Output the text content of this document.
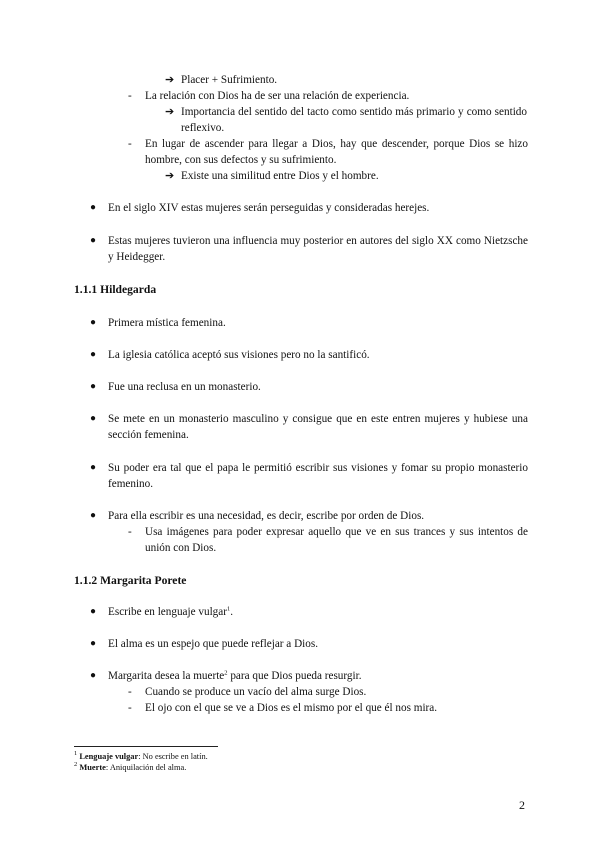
➔ Placer + Sufrimiento.
- La relación con Dios ha de ser una relación de experiencia.
➔ Importancia del sentido del tacto como sentido más primario y como sentido reflexivo.
- En lugar de ascender para llegar a Dios, hay que descender, porque Dios se hizo hombre, con sus defectos y su sufrimiento.
➔ Existe una similitud entre Dios y el hombre.
● En el siglo XIV estas mujeres serán perseguidas y consideradas herejes.
● Estas mujeres tuvieron una influencia muy posterior en autores del siglo XX como Nietzsche y Heidegger.
1.1.1 Hildegarda
● Primera mística femenina.
● La iglesia católica aceptó sus visiones pero no la santificó.
● Fue una reclusa en un monasterio.
● Se mete en un monasterio masculino y consigue que en este entren mujeres y hubiese una sección femenina.
● Su poder era tal que el papa le permitió escribir sus visiones y fomar su propio monasterio femenino.
● Para ella escribir es una necesidad, es decir, escribe por orden de Dios.
- Usa imágenes para poder expresar aquello que ve en sus trances y sus intentos de unión con Dios.
1.1.2 Margarita Porete
● Escribe en lenguaje vulgar$^1$.
● El alma es un espejo que puede reflejar a Dios.
● Margarita desea la muerte$^2$ para que Dios pueda resurgir.
- Cuando se produce un vacío del alma surge Dios.
- El ojo con el que se ve a Dios es el mismo por el que él nos mira.
$^1$ Lenguaje vulgar: No escribe en latín.
$^2$ Muerte: Aniquilación del alma.
2
